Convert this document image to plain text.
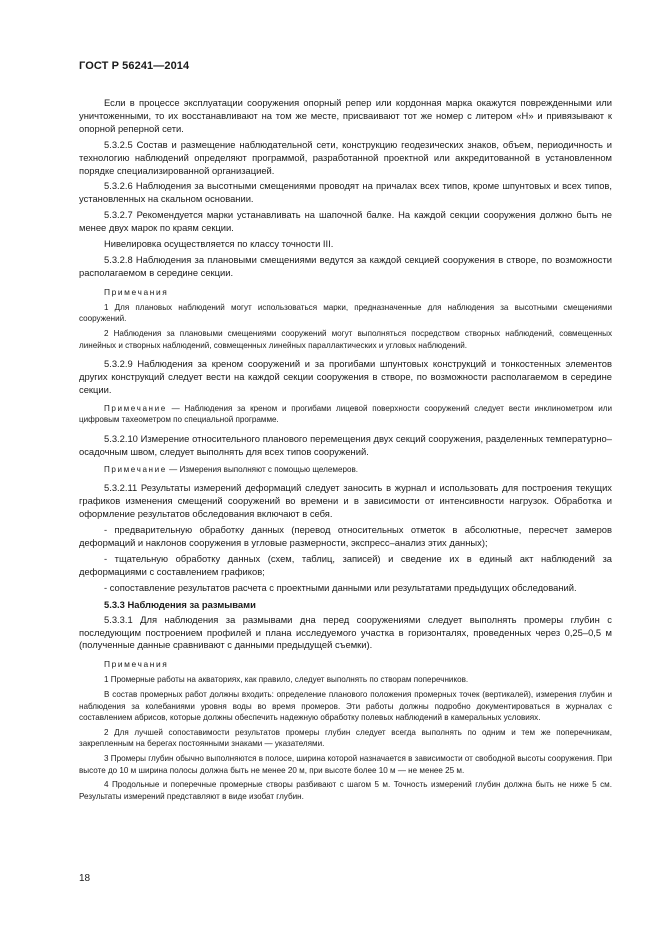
ГОСТ Р 56241—2014

Если в процессе эксплуатации сооружения опорный репер или кордонная марка окажутся поврежденными или уничтоженными, то их восстанавливают на том же месте, присваивают тот же номер с литером «Н» и привязывают к опорной реперной сети.

5.3.2.5 Состав и размещение наблюдательной сети, конструкцию геодезических знаков, объем, периодичность и технологию наблюдений определяют программой, разработанной проектной или аккредитованной в установленном порядке специализированной организацией.

5.3.2.6 Наблюдения за высотными смещениями проводят на причалах всех типов, кроме шпунтовых и всех типов, установленных на скальном основании.

5.3.2.7 Рекомендуется марки устанавливать на шапочной балке. На каждой секции сооружения должно быть не менее двух марок по краям секции.

Нивелировка осуществляется по классу точности III.

5.3.2.8 Наблюдения за плановыми смещениями ведутся за каждой секцией сооружения в створе, по возможности располагаемом в середине секции.

Примечания

1 Для плановых наблюдений могут использоваться марки, предназначенные для наблюдения за высотными смещениями сооружений.

2 Наблюдения за плановыми смещениями сооружений могут выполняться посредством створных наблюдений, совмещенных линейных и створных наблюдений, совмещенных линейных параллактических и угловых наблюдений.

5.3.2.9 Наблюдения за креном сооружений и за прогибами шпунтовых конструкций и тонкостенных элементов других конструкций следует вести на каждой секции сооружения в створе, по возможности располагаемом в середине секции.

Примечание — Наблюдения за креном и прогибами лицевой поверхности сооружений следует вести инклинометром или цифровым тахеометром по специальной программе.

5.3.2.10 Измерение относительного планового перемещения двух секций сооружения, разделенных температурно–осадочным швом, следует выполнять для всех типов сооружений.

Примечание — Измерения выполняют с помощью щелемеров.

5.3.2.11 Результаты измерений деформаций следует заносить в журнал и использовать для построения текущих графиков изменения смещений сооружений во времени и в зависимости от интенсивности нагрузок. Обработка и оформление результатов обследования включают в себя.

- предварительную обработку данных (перевод относительных отметок в абсолютные, пересчет замеров деформаций и наклонов сооружения в угловые размерности, экспресс–анализ этих данных);

- тщательную обработку данных (схем, таблиц, записей) и сведение их в единый акт наблюдений за деформациями с составлением графиков;

- сопоставление результатов расчета с проектными данными или результатами предыдущих обследований.

5.3.3 Наблюдения за размывами

5.3.3.1 Для наблюдения за размывами дна перед сооружениями следует выполнять промеры глубин с последующим построением профилей и плана исследуемого участка в горизонталях, проведенных через 0,25–0,5 м (полученные данные сравнивают с данными предыдущей съемки).

Примечания

1 Промерные работы на акваториях, как правило, следует выполнять по створам поперечников.

В состав промерных работ должны входить: определение планового положения промерных точек (вертикалей), измерения глубин и наблюдения за колебаниями уровня воды во время промеров. Эти работы должны подробно документироваться в журналах с составлением абрисов, которые должны обеспечить надежную обработку полевых наблюдений в камеральных условиях.

2 Для лучшей сопоставимости результатов промеры глубин следует всегда выполнять по одним и тем же поперечникам, закрепленным на берегах постоянными знаками — указателями.

3 Промеры глубин обычно выполняются в полосе, ширина которой назначается в зависимости от свободной высоты сооружения. При высоте до 10 м ширина полосы должна быть не менее 20 м, при высоте более 10 м — не менее 25 м.

4 Продольные и поперечные промерные створы разбивают с шагом 5 м. Точность измерений глубин должна быть не ниже 5 см. Результаты измерений представляют в виде изобат глубин.

18
